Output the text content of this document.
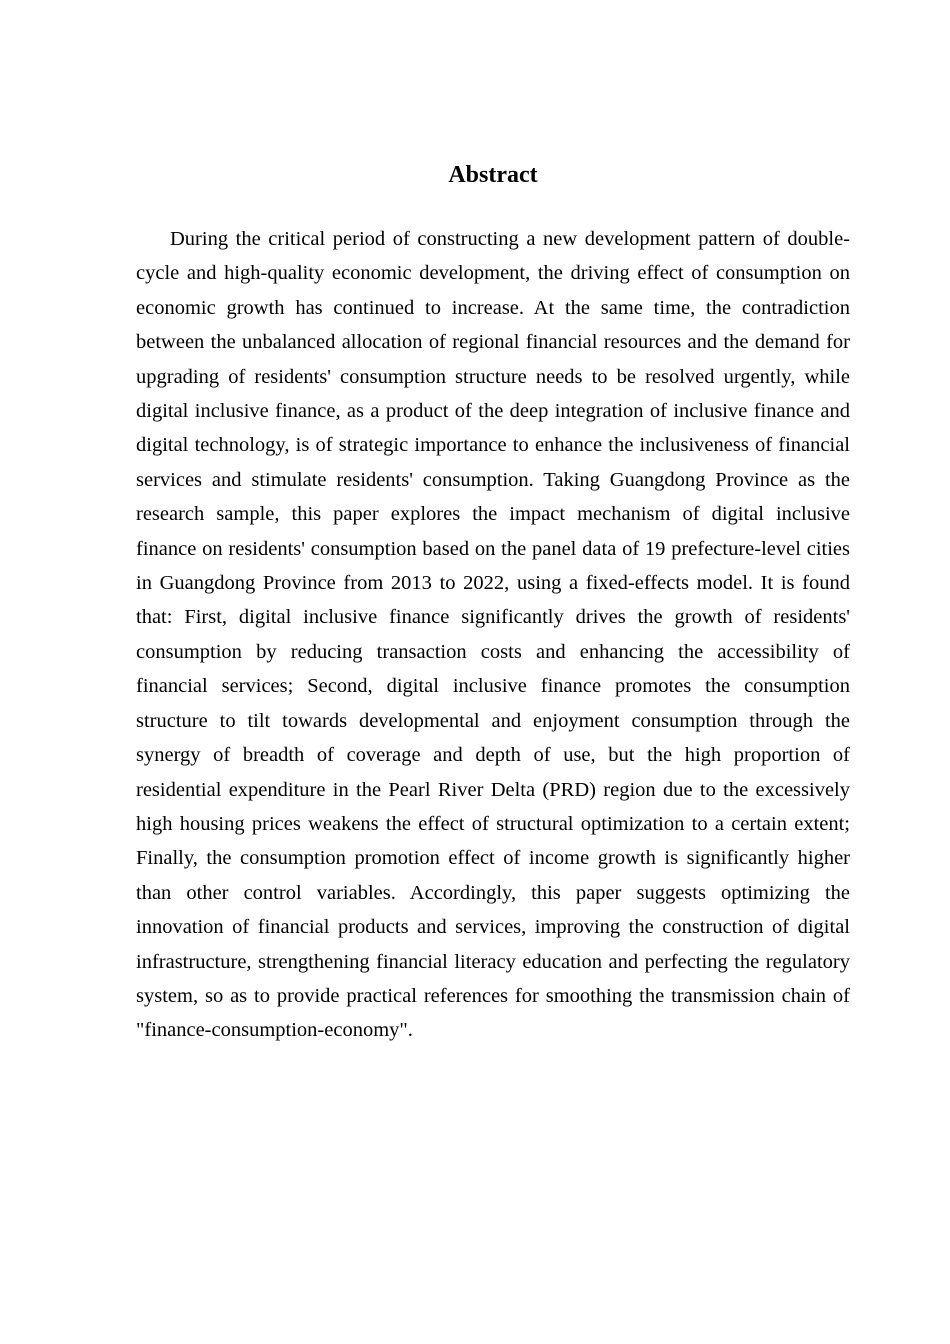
Abstract

During the critical period of constructing a new development pattern of double-cycle and high-quality economic development, the driving effect of consumption on economic growth has continued to increase. At the same time, the contradiction between the unbalanced allocation of regional financial resources and the demand for upgrading of residents' consumption structure needs to be resolved urgently, while digital inclusive finance, as a product of the deep integration of inclusive finance and digital technology, is of strategic importance to enhance the inclusiveness of financial services and stimulate residents' consumption. Taking Guangdong Province as the research sample, this paper explores the impact mechanism of digital inclusive finance on residents' consumption based on the panel data of 19 prefecture-level cities in Guangdong Province from 2013 to 2022, using a fixed-effects model. It is found that: First, digital inclusive finance significantly drives the growth of residents' consumption by reducing transaction costs and enhancing the accessibility of financial services; Second, digital inclusive finance promotes the consumption structure to tilt towards developmental and enjoyment consumption through the synergy of breadth of coverage and depth of use, but the high proportion of residential expenditure in the Pearl River Delta (PRD) region due to the excessively high housing prices weakens the effect of structural optimization to a certain extent; Finally, the consumption promotion effect of income growth is significantly higher than other control variables. Accordingly, this paper suggests optimizing the innovation of financial products and services, improving the construction of digital infrastructure, strengthening financial literacy education and perfecting the regulatory system, so as to provide practical references for smoothing the transmission chain of "finance-consumption-economy".
